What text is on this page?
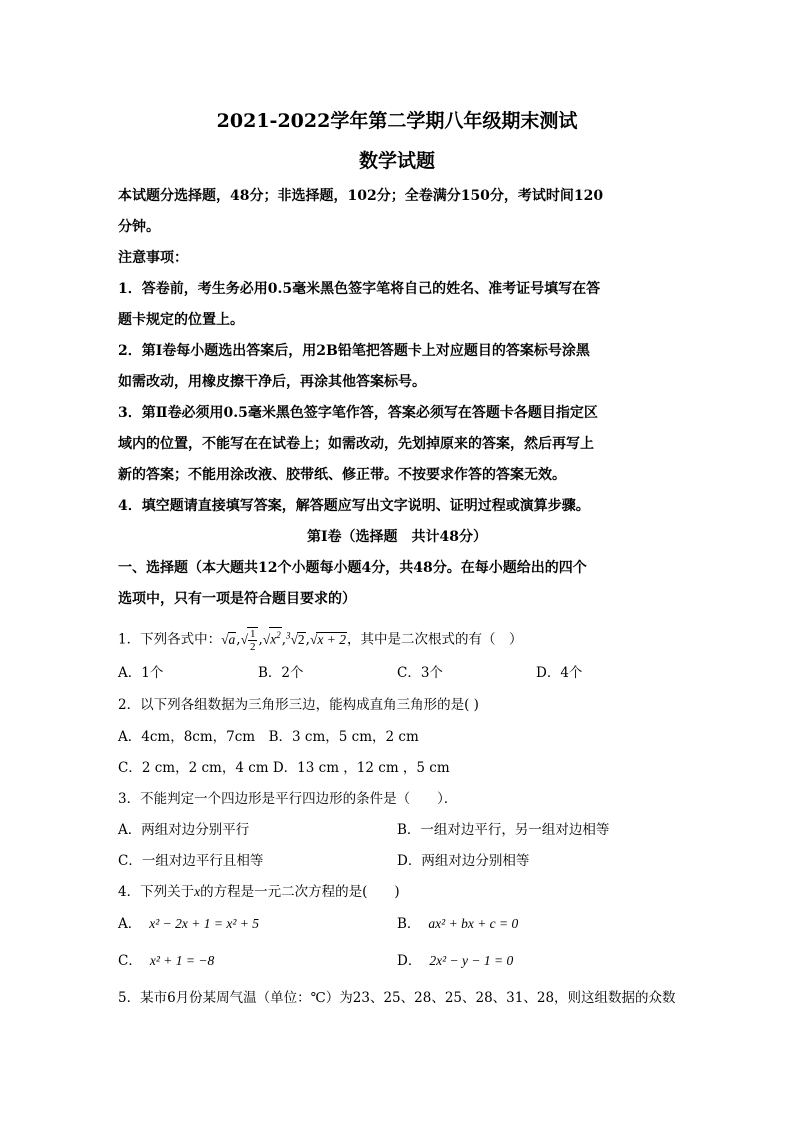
2021-2022学年第二学期八年级期末测试
数学试题
本试题分选择题，48分；非选择题，102分；全卷满分150分，考试时间120
分钟。
注意事项：
1．答卷前，考生务必用0.5毫米黑色签字笔将自己的姓名、准考证号填写在答
题卡规定的位置上。
2．第Ⅰ卷每小题选出答案后，用2B铅笔把答题卡上对应题目的答案标号涂黑
如需改动，用橡皮擦干净后，再涂其他答案标号。
3．第Ⅱ卷必须用0.5毫米黑色签字笔作答，答案必须写在答题卡各题目指定区
域内的位置，不能写在在试卷上；如需改动，先划掉原来的答案，然后再写上
新的答案；不能用涂改液、胶带纸、修正带。不按要求作答的答案无效。
4．填空题请直接填写答案，解答题应写出文字说明、证明过程或演算步骤。
第Ⅰ卷（选择题　共计48分）
一、选择题（本大题共12个小题每小题4分，共48分。在每小题给出的四个
选项中，只有一项是符合题目要求的）
1．下列各式中：$√a,√ \frac{1}{2} ,√x^2,^3√2,√x + 2$，其中是二次根式的有（　）
A．1个	B．2个	C．3个	D．4个
2．以下列各组数据为三角形三边，能构成直角三角形的是( )
A．4cm，8cm，7cm　B．3 cm，5 cm，2 cm
C．2 cm，2 cm，4 cm D．13 cm ，12 cm ，5 cm
3．不能判定一个四边形是平行四边形的条件是（　　）．
A．两组对边分别平行	B．一组对边平行，另一组对边相等
C．一组对边平行且相等	D．两组对边分别相等
4．下列关于x的方程是一元二次方程的是(　　)
A． x² − 2x + 1 = x² + 5	B． ax² + bx + c = 0
C． x² + 1 = −8	D． 2x² − y − 1 = 0
5．某市6月份某周气温（单位：℃）为23、25、28、25、28、31、28，则这组数据的众数
